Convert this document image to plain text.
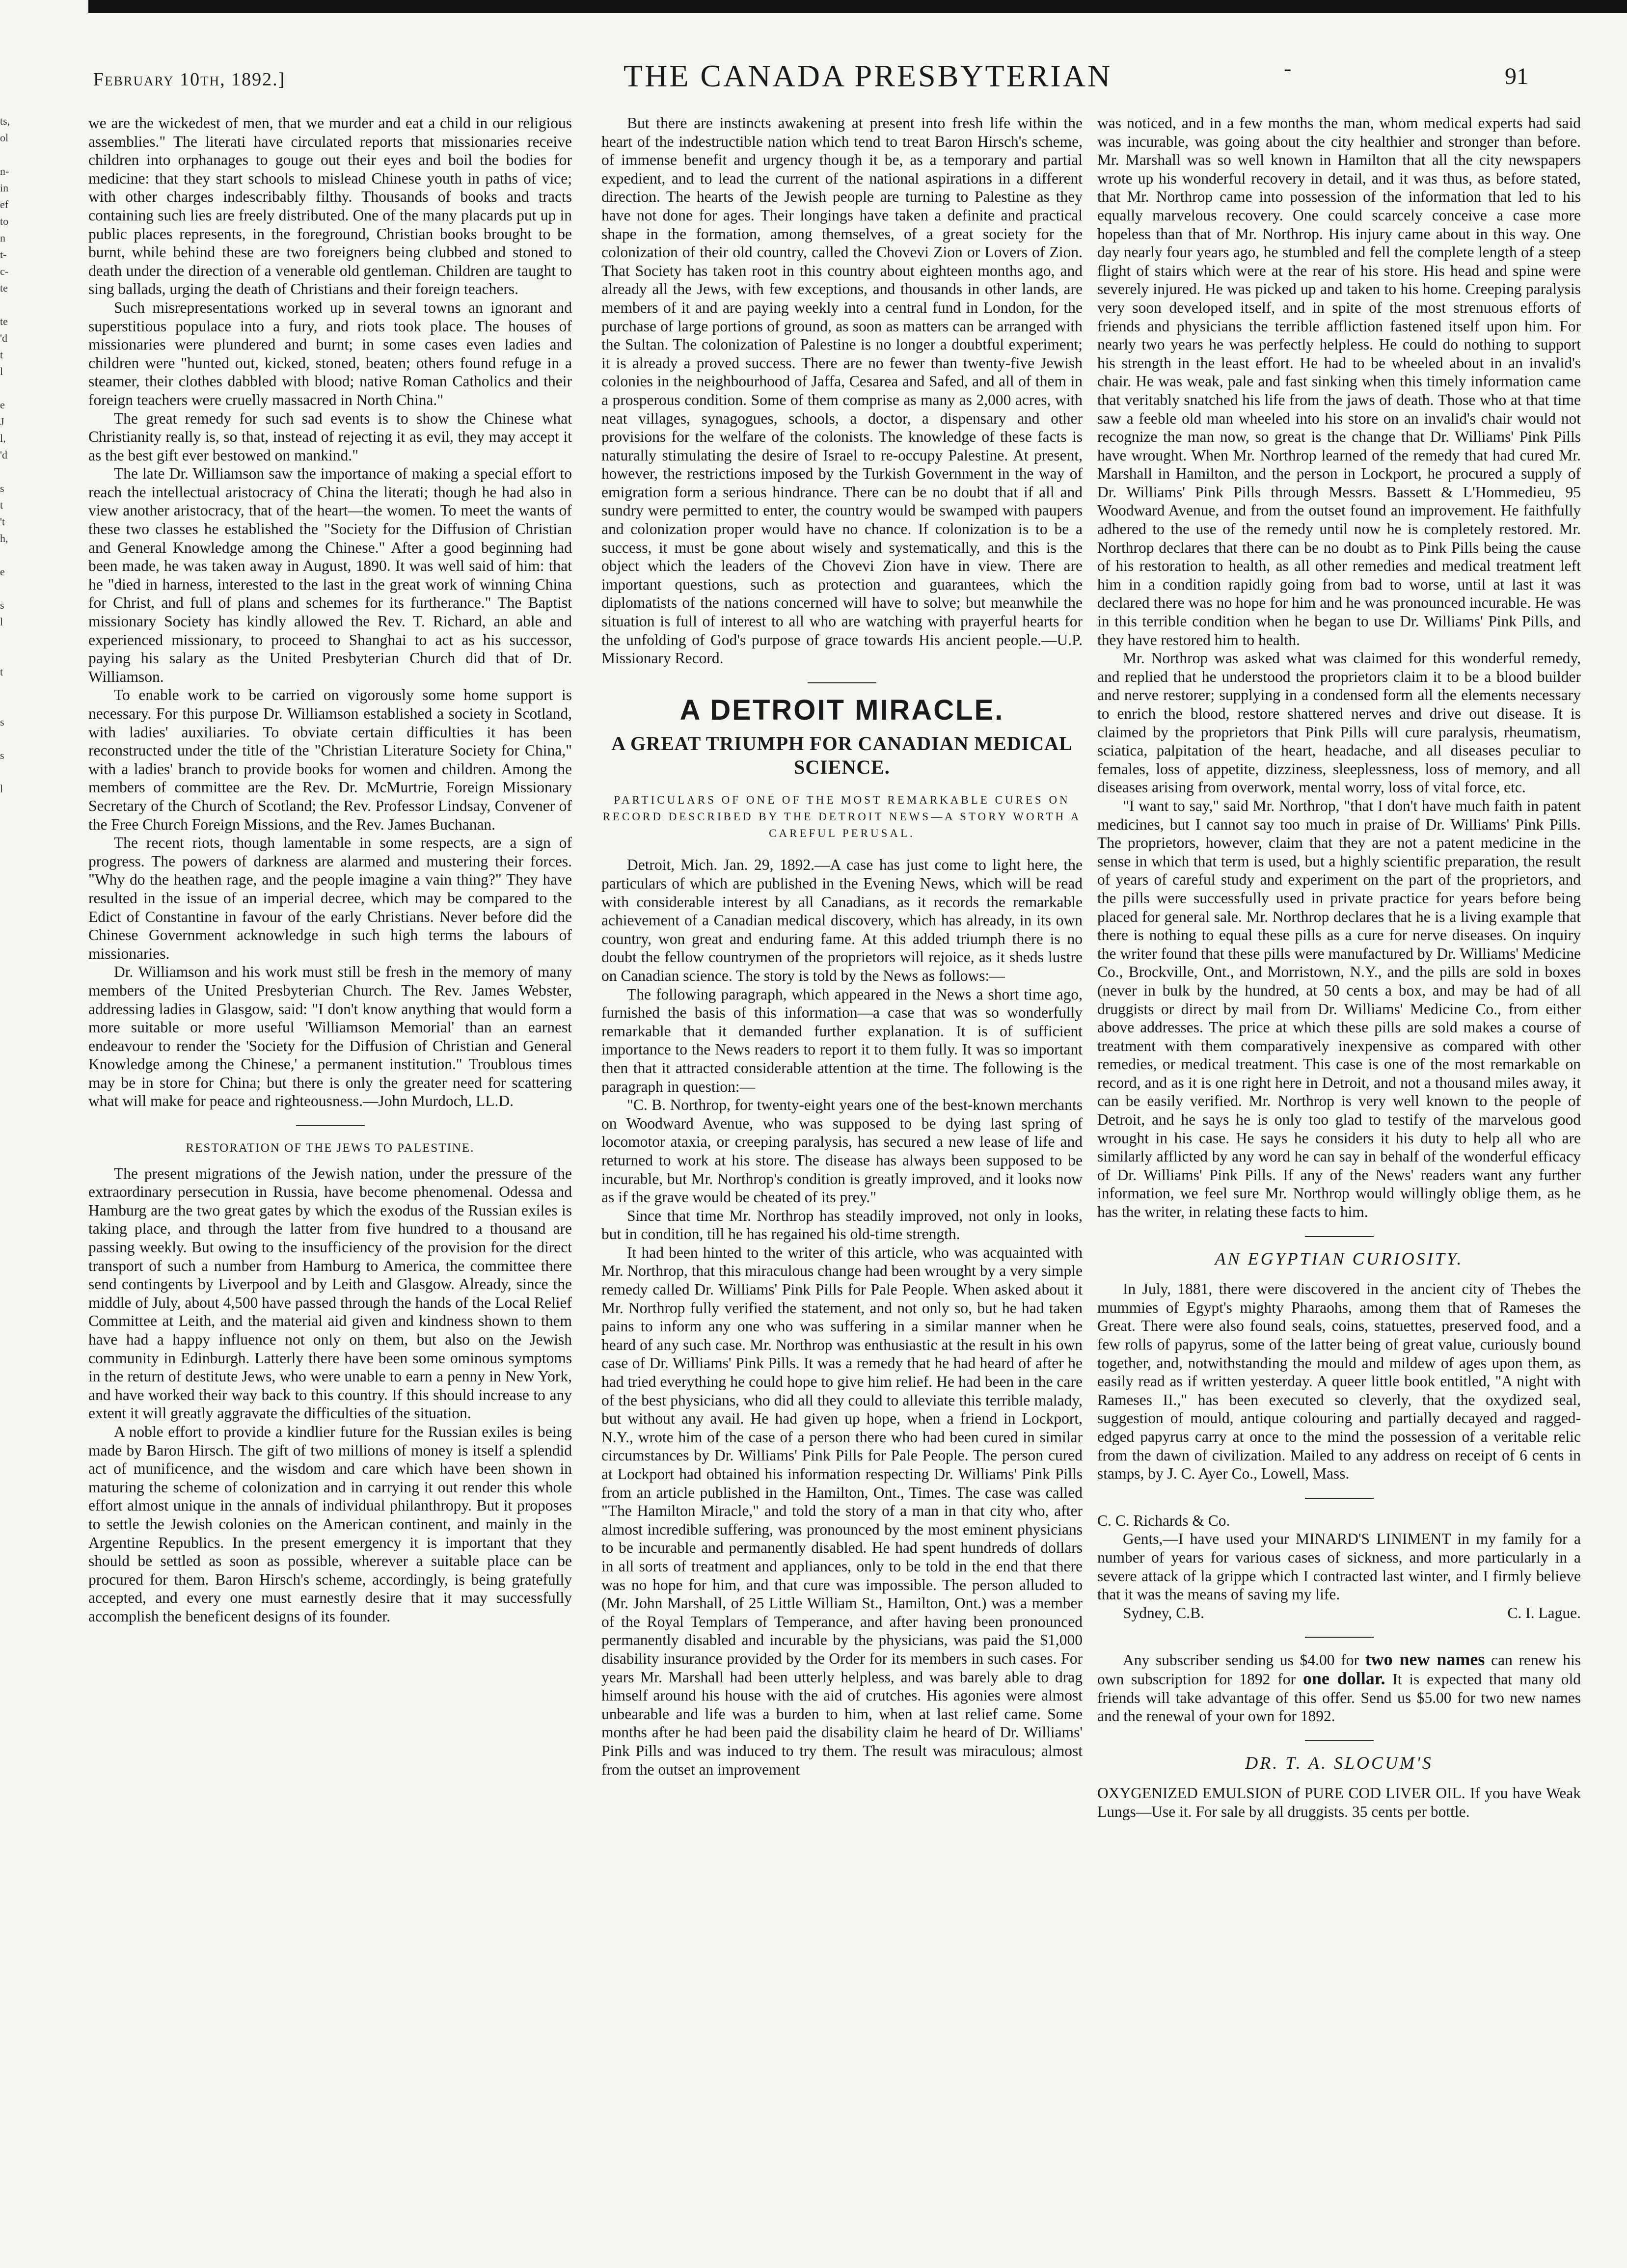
ts,
ol

n-
in
ef
to
n
t-
c-
te

te
'd
t
l

e
J
l,
'd

s
t
't
h,

e

s
l

t

s

s

l
February 10th, 1892.]	THE CANADA PRESBYTERIAN	-	91

we are the wickedest of men, that we murder and eat a child in our religious assemblies." The literati have circulated reports that missionaries receive children into orphanages to gouge out their eyes and boil the bodies for medicine: that they start schools to mislead Chinese youth in paths of vice; with other charges indescribably filthy. Thousands of books and tracts containing such lies are freely distributed. One of the many placards put up in public places represents, in the foreground, Christian books brought to be burnt, while behind these are two foreigners being clubbed and stoned to death under the direction of a venerable old gentleman. Children are taught to sing ballads, urging the death of Christians and their foreign teachers.

Such misrepresentations worked up in several towns an ignorant and superstitious populace into a fury, and riots took place. The houses of missionaries were plundered and burnt; in some cases even ladies and children were "hunted out, kicked, stoned, beaten; others found refuge in a steamer, their clothes dabbled with blood; native Roman Catholics and their foreign teachers were cruelly massacred in North China."

The great remedy for such sad events is to show the Chinese what Christianity really is, so that, instead of rejecting it as evil, they may accept it as the best gift ever bestowed on mankind."

The late Dr. Williamson saw the importance of making a special effort to reach the intellectual aristocracy of China the literati; though he had also in view another aristocracy, that of the heart—the women. To meet the wants of these two classes he established the "Society for the Diffusion of Christian and General Knowledge among the Chinese." After a good beginning had been made, he was taken away in August, 1890. It was well said of him: that he "died in harness, interested to the last in the great work of winning China for Christ, and full of plans and schemes for its furtherance." The Baptist missionary Society has kindly allowed the Rev. T. Richard, an able and experienced missionary, to proceed to Shanghai to act as his successor, paying his salary as the United Presbyterian Church did that of Dr. Williamson.

To enable work to be carried on vigorously some home support is necessary. For this purpose Dr. Williamson established a society in Scotland, with ladies' auxiliaries. To obviate certain difficulties it has been reconstructed under the title of the "Christian Literature Society for China," with a ladies' branch to provide books for women and children. Among the members of committee are the Rev. Dr. McMurtrie, Foreign Missionary Secretary of the Church of Scotland; the Rev. Professor Lindsay, Convener of the Free Church Foreign Missions, and the Rev. James Buchanan.

The recent riots, though lamentable in some respects, are a sign of progress. The powers of darkness are alarmed and mustering their forces. "Why do the heathen rage, and the people imagine a vain thing?" They have resulted in the issue of an imperial decree, which may be compared to the Edict of Constantine in favour of the early Christians. Never before did the Chinese Government acknowledge in such high terms the labours of missionaries.

Dr. Williamson and his work must still be fresh in the memory of many members of the United Presbyterian Church. The Rev. James Webster, addressing ladies in Glasgow, said: "I don't know anything that would form a more suitable or more useful 'Williamson Memorial' than an earnest endeavour to render the 'Society for the Diffusion of Christian and General Knowledge among the Chinese,' a permanent institution." Troublous times may be in store for China; but there is only the greater need for scattering what will make for peace and righteousness.—John Murdoch, LL.D.

RESTORATION OF THE JEWS TO PALESTINE.

The present migrations of the Jewish nation, under the pressure of the extraordinary persecution in Russia, have become phenomenal. Odessa and Hamburg are the two great gates by which the exodus of the Russian exiles is taking place, and through the latter from five hundred to a thousand are passing weekly. But owing to the insufficiency of the provision for the direct transport of such a number from Hamburg to America, the committee there send contingents by Liverpool and by Leith and Glasgow. Already, since the middle of July, about 4,500 have passed through the hands of the Local Relief Committee at Leith, and the material aid given and kindness shown to them have had a happy influence not only on them, but also on the Jewish community in Edinburgh. Latterly there have been some ominous symptoms in the return of destitute Jews, who were unable to earn a penny in New York, and have worked their way back to this country. If this should increase to any extent it will greatly aggravate the difficulties of the situation.

A noble effort to provide a kindlier future for the Russian exiles is being made by Baron Hirsch. The gift of two millions of money is itself a splendid act of munificence, and the wisdom and care which have been shown in maturing the scheme of colonization and in carrying it out render this whole effort almost unique in the annals of individual philanthropy. But it proposes to settle the Jewish colonies on the American continent, and mainly in the Argentine Republics. In the present emergency it is important that they should be settled as soon as possible, wherever a suitable place can be procured for them. Baron Hirsch's scheme, accordingly, is being gratefully accepted, and every one must earnestly desire that it may successfully accomplish the beneficent designs of its founder.

But there are instincts awakening at present into fresh life within the heart of the indestructible nation which tend to treat Baron Hirsch's scheme, of immense benefit and urgency though it be, as a temporary and partial expedient, and to lead the current of the national aspirations in a different direction. The hearts of the Jewish people are turning to Palestine as they have not done for ages. Their longings have taken a definite and practical shape in the formation, among themselves, of a great society for the colonization of their old country, called the Chovevi Zion or Lovers of Zion. That Society has taken root in this country about eighteen months ago, and already all the Jews, with few exceptions, and thousands in other lands, are members of it and are paying weekly into a central fund in London, for the purchase of large portions of ground, as soon as matters can be arranged with the Sultan. The colonization of Palestine is no longer a doubtful experiment; it is already a proved success. There are no fewer than twenty-five Jewish colonies in the neighbourhood of Jaffa, Cesarea and Safed, and all of them in a prosperous condition. Some of them comprise as many as 2,000 acres, with neat villages, synagogues, schools, a doctor, a dispensary and other provisions for the welfare of the colonists. The knowledge of these facts is naturally stimulating the desire of Israel to re-occupy Palestine. At present, however, the restrictions imposed by the Turkish Government in the way of emigration form a serious hindrance. There can be no doubt that if all and sundry were permitted to enter, the country would be swamped with paupers and colonization proper would have no chance. If colonization is to be a success, it must be gone about wisely and systematically, and this is the object which the leaders of the Chovevi Zion have in view. There are important questions, such as protection and guarantees, which the diplomatists of the nations concerned will have to solve; but meanwhile the situation is full of interest to all who are watching with prayerful hearts for the unfolding of God's purpose of grace towards His ancient people.—U.P. Missionary Record.

A DETROIT MIRACLE.
A GREAT TRIUMPH FOR CANADIAN MEDICAL SCIENCE.
PARTICULARS OF ONE OF THE MOST REMARKABLE CURES ON RECORD DESCRIBED BY THE DETROIT NEWS—A STORY WORTH A CAREFUL PERUSAL.

Detroit, Mich. Jan. 29, 1892.—A case has just come to light here, the particulars of which are published in the Evening News, which will be read with considerable interest by all Canadians, as it records the remarkable achievement of a Canadian medical discovery, which has already, in its own country, won great and enduring fame. At this added triumph there is no doubt the fellow countrymen of the proprietors will rejoice, as it sheds lustre on Canadian science. The story is told by the News as follows:—

The following paragraph, which appeared in the News a short time ago, furnished the basis of this information—a case that was so wonderfully remarkable that it demanded further explanation. It is of sufficient importance to the News readers to report it to them fully. It was so important then that it attracted considerable attention at the time. The following is the paragraph in question:—

"C. B. Northrop, for twenty-eight years one of the best-known merchants on Woodward Avenue, who was supposed to be dying last spring of locomotor ataxia, or creeping paralysis, has secured a new lease of life and returned to work at his store. The disease has always been supposed to be incurable, but Mr. Northrop's condition is greatly improved, and it looks now as if the grave would be cheated of its prey."

Since that time Mr. Northrop has steadily improved, not only in looks, but in condition, till he has regained his old-time strength.

It had been hinted to the writer of this article, who was acquainted with Mr. Northrop, that this miraculous change had been wrought by a very simple remedy called Dr. Williams' Pink Pills for Pale People. When asked about it Mr. Northrop fully verified the statement, and not only so, but he had taken pains to inform any one who was suffering in a similar manner when he heard of any such case. Mr. Northrop was enthusiastic at the result in his own case of Dr. Williams' Pink Pills. It was a remedy that he had heard of after he had tried everything he could hope to give him relief. He had been in the care of the best physicians, who did all they could to alleviate this terrible malady, but without any avail. He had given up hope, when a friend in Lockport, N.Y., wrote him of the case of a person there who had been cured in similar circumstances by Dr. Williams' Pink Pills for Pale People. The person cured at Lockport had obtained his information respecting Dr. Williams' Pink Pills from an article published in the Hamilton, Ont., Times. The case was called "The Hamilton Miracle," and told the story of a man in that city who, after almost incredible suffering, was pronounced by the most eminent physicians to be incurable and permanently disabled. He had spent hundreds of dollars in all sorts of treatment and appliances, only to be told in the end that there was no hope for him, and that cure was impossible. The person alluded to (Mr. John Marshall, of 25 Little William St., Hamilton, Ont.) was a member of the Royal Templars of Temperance, and after having been pronounced permanently disabled and incurable by the physicians, was paid the $1,000 disability insurance provided by the Order for its members in such cases. For years Mr. Marshall had been utterly helpless, and was barely able to drag himself around his house with the aid of crutches. His agonies were almost unbearable and life was a burden to him, when at last relief came. Some months after he had been paid the disability claim he heard of Dr. Williams' Pink Pills and was induced to try them. The result was miraculous; almost from the outset an improvement

was noticed, and in a few months the man, whom medical experts had said was incurable, was going about the city healthier and stronger than before. Mr. Marshall was so well known in Hamilton that all the city newspapers wrote up his wonderful recovery in detail, and it was thus, as before stated, that Mr. Northrop came into possession of the information that led to his equally marvelous recovery. One could scarcely conceive a case more hopeless than that of Mr. Northrop. His injury came about in this way. One day nearly four years ago, he stumbled and fell the complete length of a steep flight of stairs which were at the rear of his store. His head and spine were severely injured. He was picked up and taken to his home. Creeping paralysis very soon developed itself, and in spite of the most strenuous efforts of friends and physicians the terrible affliction fastened itself upon him. For nearly two years he was perfectly helpless. He could do nothing to support his strength in the least effort. He had to be wheeled about in an invalid's chair. He was weak, pale and fast sinking when this timely information came that veritably snatched his life from the jaws of death. Those who at that time saw a feeble old man wheeled into his store on an invalid's chair would not recognize the man now, so great is the change that Dr. Williams' Pink Pills have wrought. When Mr. Northrop learned of the remedy that had cured Mr. Marshall in Hamilton, and the person in Lockport, he procured a supply of Dr. Williams' Pink Pills through Messrs. Bassett & L'Hommedieu, 95 Woodward Avenue, and from the outset found an improvement. He faithfully adhered to the use of the remedy until now he is completely restored. Mr. Northrop declares that there can be no doubt as to Pink Pills being the cause of his restoration to health, as all other remedies and medical treatment left him in a condition rapidly going from bad to worse, until at last it was declared there was no hope for him and he was pronounced incurable. He was in this terrible condition when he began to use Dr. Williams' Pink Pills, and they have restored him to health.

Mr. Northrop was asked what was claimed for this wonderful remedy, and replied that he understood the proprietors claim it to be a blood builder and nerve restorer; supplying in a condensed form all the elements necessary to enrich the blood, restore shattered nerves and drive out disease. It is claimed by the proprietors that Pink Pills will cure paralysis, rheumatism, sciatica, palpitation of the heart, headache, and all diseases peculiar to females, loss of appetite, dizziness, sleeplessness, loss of memory, and all diseases arising from overwork, mental worry, loss of vital force, etc.

"I want to say," said Mr. Northrop, "that I don't have much faith in patent medicines, but I cannot say too much in praise of Dr. Williams' Pink Pills. The proprietors, however, claim that they are not a patent medicine in the sense in which that term is used, but a highly scientific preparation, the result of years of careful study and experiment on the part of the proprietors, and the pills were successfully used in private practice for years before being placed for general sale. Mr. Northrop declares that he is a living example that there is nothing to equal these pills as a cure for nerve diseases. On inquiry the writer found that these pills were manufactured by Dr. Williams' Medicine Co., Brockville, Ont., and Morristown, N.Y., and the pills are sold in boxes (never in bulk by the hundred, at 50 cents a box, and may be had of all druggists or direct by mail from Dr. Williams' Medicine Co., from either above addresses. The price at which these pills are sold makes a course of treatment with them comparatively inexpensive as compared with other remedies, or medical treatment. This case is one of the most remarkable on record, and as it is one right here in Detroit, and not a thousand miles away, it can be easily verified. Mr. Northrop is very well known to the people of Detroit, and he says he is only too glad to testify of the marvelous good wrought in his case. He says he considers it his duty to help all who are similarly afflicted by any word he can say in behalf of the wonderful efficacy of Dr. Williams' Pink Pills. If any of the News' readers want any further information, we feel sure Mr. Northrop would willingly oblige them, as he has the writer, in relating these facts to him.

AN EGYPTIAN CURIOSITY.

In July, 1881, there were discovered in the ancient city of Thebes the mummies of Egypt's mighty Pharaohs, among them that of Rameses the Great. There were also found seals, coins, statuettes, preserved food, and a few rolls of papyrus, some of the latter being of great value, curiously bound together, and, notwithstanding the mould and mildew of ages upon them, as easily read as if written yesterday. A queer little book entitled, "A night with Rameses II.," has been executed so cleverly, that the oxydized seal, suggestion of mould, antique colouring and partially decayed and ragged-edged papyrus carry at once to the mind the possession of a veritable relic from the dawn of civilization. Mailed to any address on receipt of 6 cents in stamps, by J. C. Ayer Co., Lowell, Mass.

C. C. Richards & Co.

Gents,—I have used your MINARD'S LINIMENT in my family for a number of years for various cases of sickness, and more particularly in a severe attack of la grippe which I contracted last winter, and I firmly believe that it was the means of saving my life.

Sydney, C.B.	C. I. Lague.

Any subscriber sending us $4.00 for two new names can renew his own subscription for 1892 for one dollar. It is expected that many old friends will take advantage of this offer. Send us $5.00 for two new names and the renewal of your own for 1892.

DR. T. A. SLOCUM'S

OXYGENIZED EMULSION of PURE COD LIVER OIL. If you have Weak Lungs—Use it. For sale by all druggists. 35 cents per bottle.
